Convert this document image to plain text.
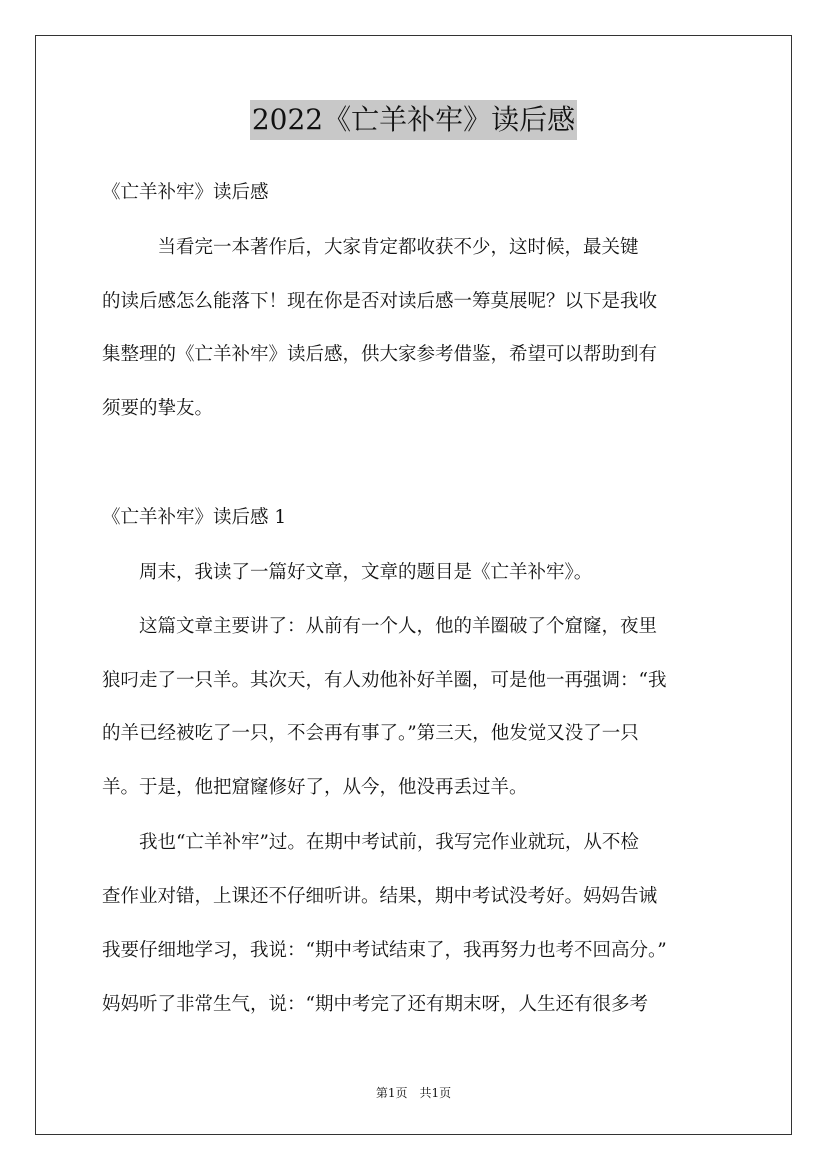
2022《亡羊补牢》读后感
《亡羊补牢》读后感
　　　当看完一本著作后，大家肯定都收获不少，这时候，最关键
的读后感怎么能落下！现在你是否对读后感一筹莫展呢？以下是我收
集整理的《亡羊补牢》读后感，供大家参考借鉴，希望可以帮助到有
须要的挚友。
《亡羊补牢》读后感 1
　　周末，我读了一篇好文章，文章的题目是《亡羊补牢》。
　　这篇文章主要讲了：从前有一个人，他的羊圈破了个窟窿，夜里
狼叼走了一只羊。其次天，有人劝他补好羊圈，可是他一再强调：“我
的羊已经被吃了一只，不会再有事了。”第三天，他发觉又没了一只
羊。于是，他把窟窿修好了，从今，他没再丢过羊。
　　我也“亡羊补牢”过。在期中考试前，我写完作业就玩，从不检
查作业对错，上课还不仔细听讲。结果，期中考试没考好。妈妈告诫
我要仔细地学习，我说：“期中考试结束了，我再努力也考不回高分。”
妈妈听了非常生气，说：“期中考完了还有期末呀，人生还有很多考
第1页　共1页
